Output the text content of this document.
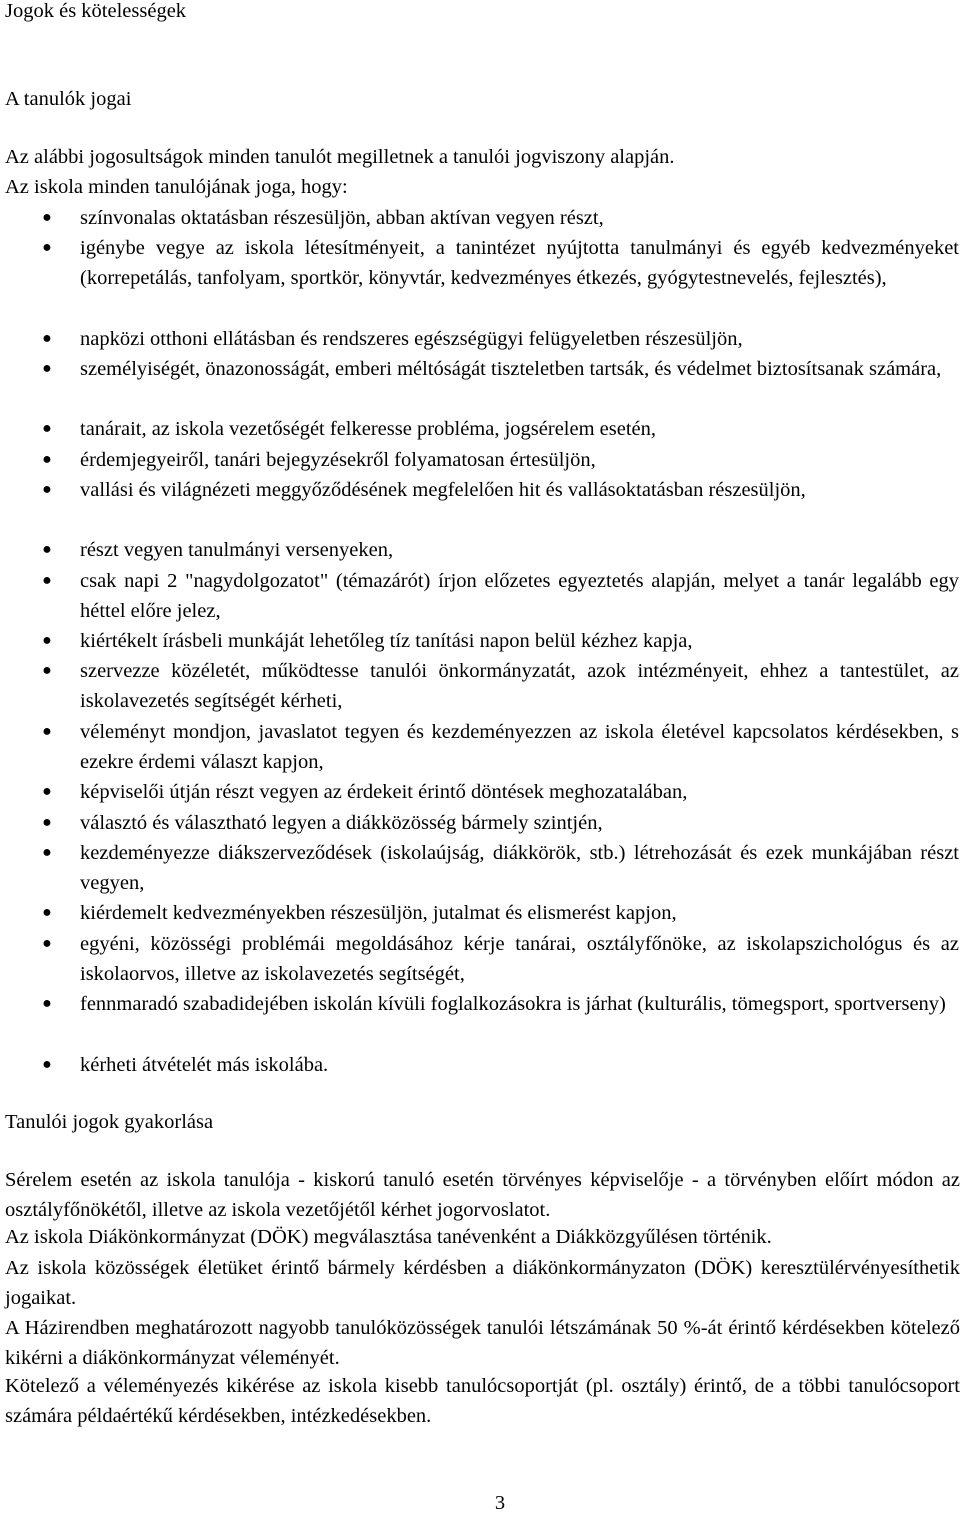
Jogok és kötelességek
A tanulók jogai
Az alábbi jogosultságok minden tanulót megilletnek a tanulói jogviszony alapján.
Az iskola minden tanulójának joga, hogy:
● színvonalas oktatásban részesüljön, abban aktívan vegyen részt,
● igénybe vegye az iskola létesítményeit, a tanintézet nyújtotta tanulmányi és egyéb kedvezményeket (korrepetálás, tanfolyam, sportkör, könyvtár, kedvezményes étkezés, gyógytestnevelés, fejlesztés),
● napközi otthoni ellátásban és rendszeres egészségügyi felügyeletben részesüljön,
● személyiségét, önazonosságát, emberi méltóságát tiszteletben tartsák, és védelmet biztosítsanak számára,
● tanárait, az iskola vezetőségét felkeresse probléma, jogsérelem esetén,
● érdemjegyeiről, tanári bejegyzésekről folyamatosan értesüljön,
● vallási és világnézeti meggyőződésének megfelelően hit és vallásoktatásban részesüljön,
● részt vegyen tanulmányi versenyeken,
● csak napi 2 "nagydolgozatot" (témazárót) írjon előzetes egyeztetés alapján, melyet a tanár legalább egy héttel előre jelez,
● kiértékelt írásbeli munkáját lehetőleg tíz tanítási napon belül kézhez kapja,
● szervezze közéletét, működtesse tanulói önkormányzatát, azok intézményeit, ehhez a tantestület, az iskolavezetés segítségét kérheti,
● véleményt mondjon, javaslatot tegyen és kezdeményezzen az iskola életével kapcsolatos kérdésekben, s ezekre érdemi választ kapjon,
● képviselői útján részt vegyen az érdekeit érintő döntések meghozatalában,
● választó és választható legyen a diákközösség bármely szintjén,
● kezdeményezze diákszerveződések (iskolaújság, diákkörök, stb.) létrehozását és ezek munkájában részt vegyen,
● kiérdemelt kedvezményekben részesüljön, jutalmat és elismerést kapjon,
● egyéni, közösségi problémái megoldásához kérje tanárai, osztályfőnöke, az iskolapszichológus és az iskolaorvos, illetve az iskolavezetés segítségét,
● fennmaradó szabadidejében iskolán kívüli foglalkozásokra is járhat (kulturális, tömegsport, sportverseny)
● kérheti átvételét más iskolába.
Tanulói jogok gyakorlása
Sérelem esetén az iskola tanulója - kiskorú tanuló esetén törvényes képviselője - a törvényben előírt módon az osztályfőnökétől, illetve az iskola vezetőjétől kérhet jogorvoslatot.
Az iskola Diákönkormányzat (DÖK) megválasztása tanévenként a Diákközgyűlésen történik.
Az iskola közösségek életüket érintő bármely kérdésben a diákönkormányzaton (DÖK) keresztülérvényesíthetik jogaikat.
A Házirendben meghatározott nagyobb tanulóközösségek tanulói létszámának 50 %-át érintő kérdésekben kötelező kikérni a diákönkormányzat véleményét.
Kötelező a véleményezés kikérése az iskola kisebb tanulócsoportját (pl. osztály) érintő, de a többi tanulócsoport számára példaértékű kérdésekben, intézkedésekben.
3
